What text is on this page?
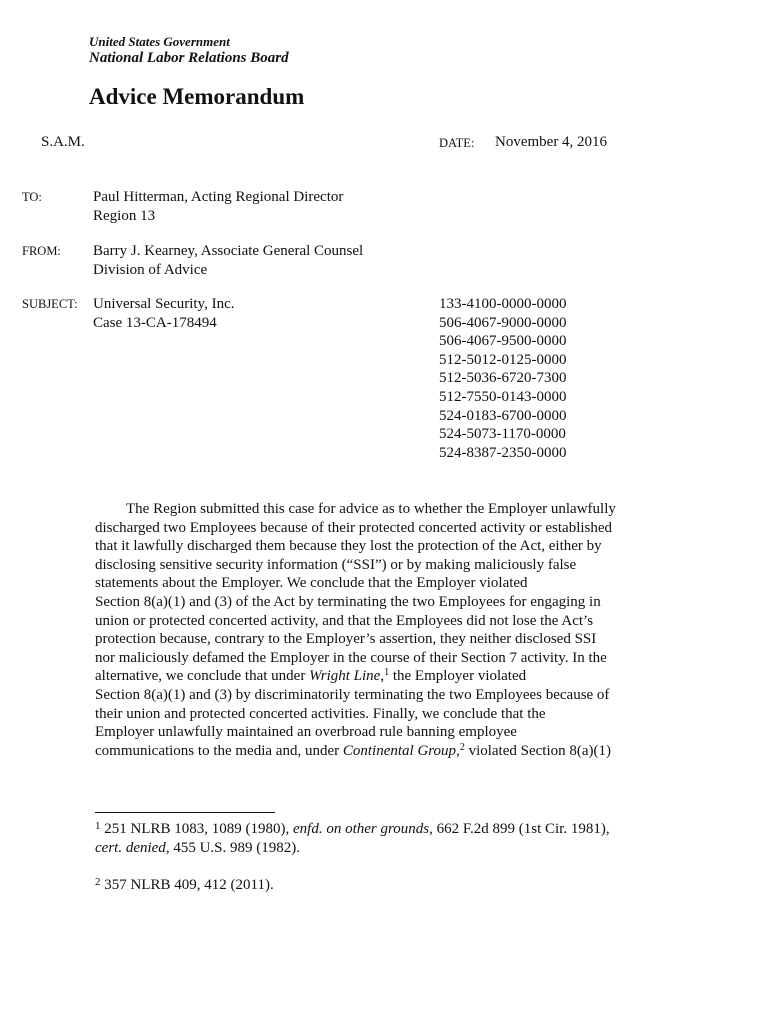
United States Government
National Labor Relations Board
Advice Memorandum
S.A.M.	DATE: November 4, 2016
TO:	Paul Hitterman, Acting Regional Director
Region 13
FROM: Barry J. Kearney, Associate General Counsel
Division of Advice
SUBJECT: Universal Security, Inc.
Case 13-CA-178494
133-4100-0000-0000
506-4067-9000-0000
506-4067-9500-0000
512-5012-0125-0000
512-5036-6720-7300
512-7550-0143-0000
524-0183-6700-0000
524-5073-1170-0000
524-8387-2350-0000
The Region submitted this case for advice as to whether the Employer unlawfully
discharged two Employees because of their protected concerted activity or established
that it lawfully discharged them because they lost the protection of the Act, either by
disclosing sensitive security information (“SSI”) or by making maliciously false
statements about the Employer. We conclude that the Employer violated
Section 8(a)(1) and (3) of the Act by terminating the two Employees for engaging in
union or protected concerted activity, and that the Employees did not lose the Act’s
protection because, contrary to the Employer’s assertion, they neither disclosed SSI
nor maliciously defamed the Employer in the course of their Section 7 activity. In the
alternative, we conclude that under Wright Line,$^1$ the Employer violated
Section 8(a)(1) and (3) by discriminatorily terminating the two Employees because of
their union and protected concerted activities. Finally, we conclude that the
Employer unlawfully maintained an overbroad rule banning employee
communications to the media and, under Continental Group,$^2$ violated Section 8(a)(1)
$^1$ 251 NLRB 1083, 1089 (1980), enfd. on other grounds, 662 F.2d 899 (1st Cir. 1981),
cert. denied, 455 U.S. 989 (1982).
$^2$ 357 NLRB 409, 412 (2011).
